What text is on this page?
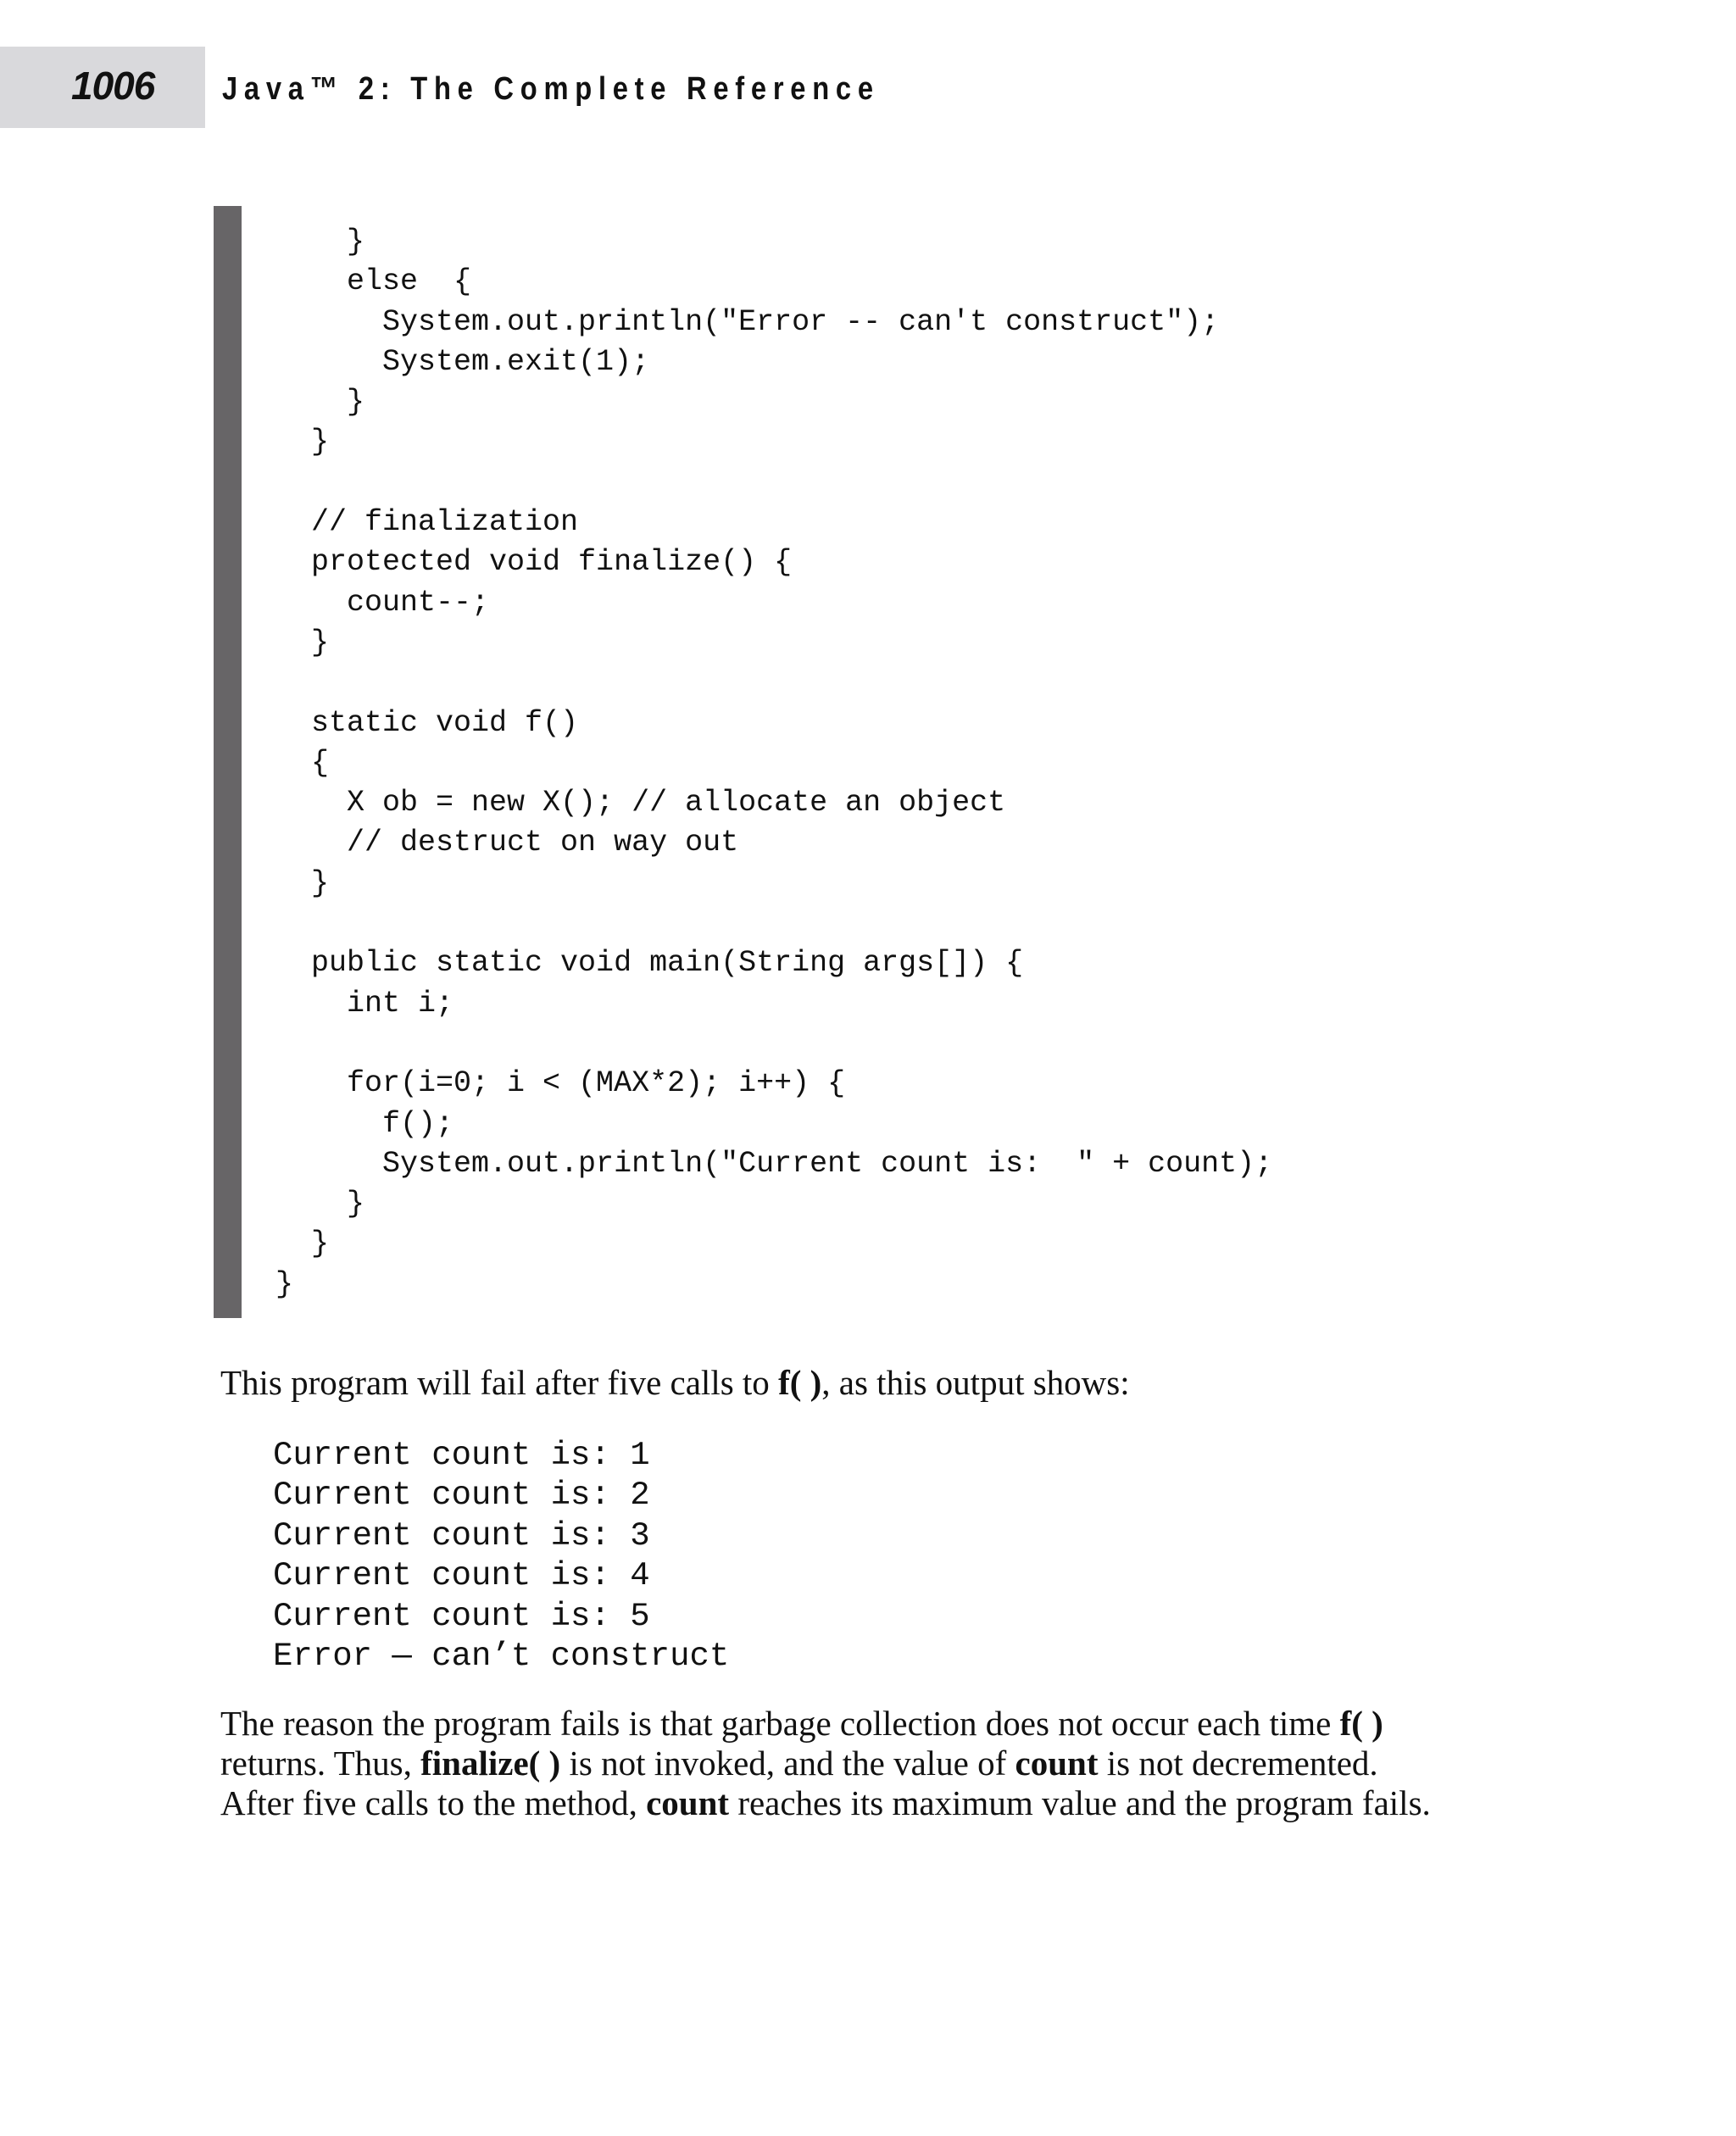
1006 Java™ 2: The Complete Reference
}
else  {
System.out.println("Error -- can't construct");
System.exit(1);
}
}
// finalization
protected void finalize() {
count--;
}
static void f()
{
X ob = new X(); // allocate an object
// destruct on way out
}
public static void main(String args[]) {
int i;
for(i=0; i < (MAX*2); i++) {
f();
System.out.println("Current count is:  " + count);
}
}
}

This program will fail after five calls to f( ), as this output shows:

Current count is: 1
Current count is: 2
Current count is: 3
Current count is: 4
Current count is: 5
Error — can’t construct

The reason the program fails is that garbage collection does not occur each time f( )
returns. Thus, finalize( ) is not invoked, and the value of count is not decremented.
After five calls to the method, count reaches its maximum value and the program fails.
